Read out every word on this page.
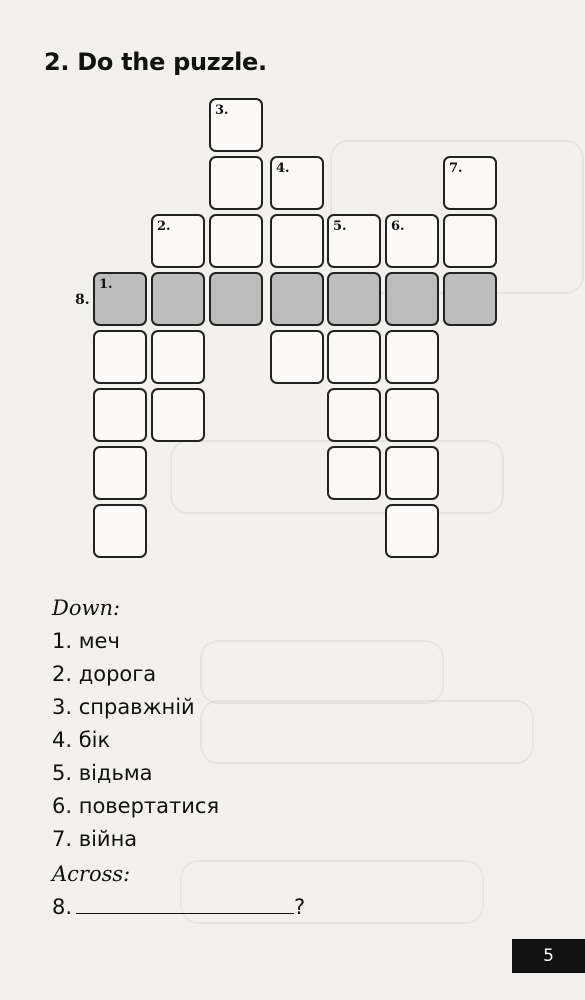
2. Do the puzzle.
8.
1.
2.
3.
4.
5.	6.
7.
Down:
1. меч
2. дорога
3. справжній
4. бік
5. відьма
6. повертатися
7. війна
Across:
8.	?
5
